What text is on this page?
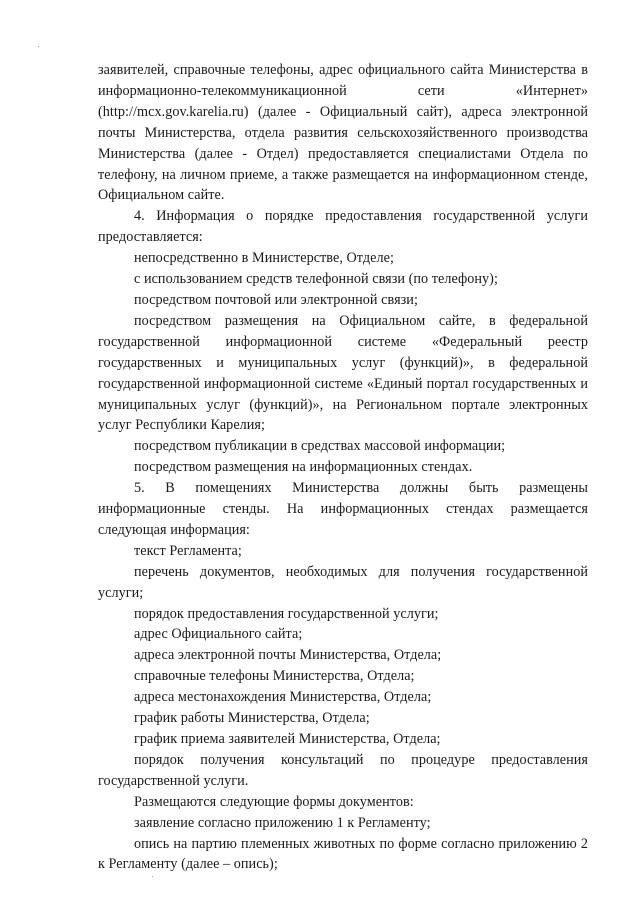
заявителей, справочные телефоны, адрес официального сайта Министерства в информационно-телекоммуникационной сети «Интернет» (http://mcx.gov.karelia.ru) (далее - Официальный сайт), адреса электронной почты Министерства, отдела развития сельскохозяйственного производства Министерства (далее - Отдел) предоставляется специалистами Отдела по телефону, на личном приеме, а также размещается на информационном стенде, Официальном сайте.

4. Информация о порядке предоставления государственной услуги предоставляется:

непосредственно в Министерстве, Отделе;

с использованием средств телефонной связи (по телефону);

посредством почтовой или электронной связи;

посредством размещения на Официальном сайте, в федеральной государственной информационной системе «Федеральный реестр государственных и муниципальных услуг (функций)», в федеральной государственной информационной системе «Единый портал государственных и муниципальных услуг (функций)», на Региональном портале электронных услуг Республики Карелия;

посредством публикации в средствах массовой информации;

посредством размещения на информационных стендах.

5. В помещениях Министерства должны быть размещены информационные стенды. На информационных стендах размещается следующая информация:

текст Регламента;

перечень документов, необходимых для получения государственной услуги;

порядок предоставления государственной услуги;

адрес Официального сайта;

адреса электронной почты Министерства, Отдела;

справочные телефоны Министерства, Отдела;

адреса местонахождения Министерства, Отдела;

график работы Министерства, Отдела;

график приема заявителей Министерства, Отдела;

порядок получения консультаций по процедуре предоставления государственной услуги.

Размещаются следующие формы документов:

заявление согласно приложению 1 к Регламенту;

опись на партию племенных животных по форме согласно приложению 2 к Регламенту (далее – опись);
